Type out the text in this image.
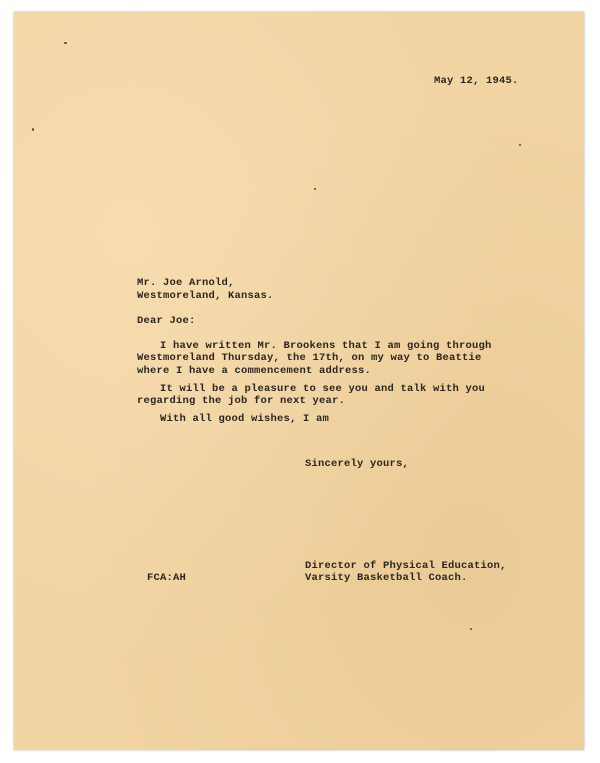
May 12, 1945.
Mr. Joe Arnold,
Westmoreland, Kansas.
Dear Joe:
I have written Mr. Brookens that I am going through
Westmoreland Thursday, the 17th, on my way to Beattie
where I have a commencement address.
It will be a pleasure to see you and talk with you
regarding the job for next year.
With all good wishes, I am
Sincerely yours,
FCA:AH
Director of Physical Education,
Varsity Basketball Coach.
